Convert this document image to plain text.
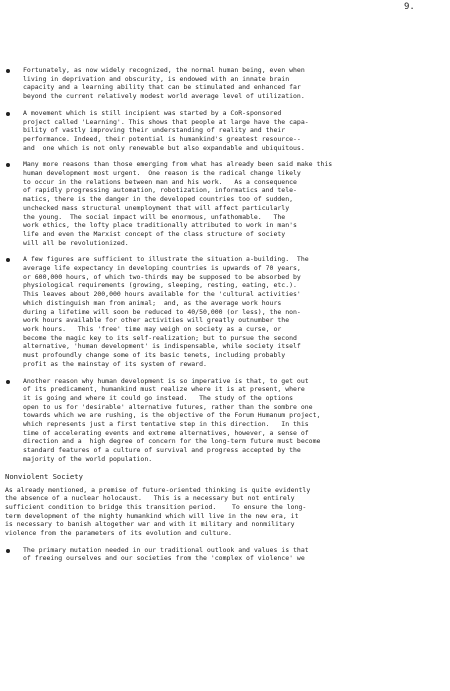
9.
Fortunately, as now widely recognized, the normal human being, even when
living in deprivation and obscurity, is endowed with an innate brain
capacity and a learning ability that can be stimulated and enhanced far
beyond the current relatively modest world average level of utilization.
A movement which is still incipient was started by a CoR-sponsored
project called 'Learning'. This shows that people at large have the capa-
bility of vastly improving their understanding of reality and their
performance. Indeed, their potential is humankind's greatest resource--
and  one which is not only renewable but also expandable and ubiquitous.
Many more reasons than those emerging from what has already been said make this
human development most urgent.  One reason is the radical change likely
to occur in the relations between man and his work.   As a consequence
of rapidly progressing automation, robotization, informatics and tele-
matics, there is the danger in the developed countries too of sudden,
unchecked mass structural unemployment that will affect particularly
the young.  The social impact will be enormous, unfathomable.   The
work ethics, the lofty place traditionally attributed to work in man's
life and even the Marxist concept of the class structure of society
will all be revolutionized.
A few figures are sufficient to illustrate the situation a-building.  The
average life expectancy in developing countries is upwards of 70 years,
or 600,000 hours, of which two-thirds may be supposed to be absorbed by
physiological requirements (growing, sleeping, resting, eating, etc.).
This leaves about 200,000 hours available for the 'cultural activities'
which distinguish man from animal;  and, as the average work hours
during a lifetime will soon be reduced to 40/50,000 (or less), the non-
work hours available for other activities will greatly outnumber the
work hours.   This 'free' time may weigh on society as a curse, or
become the magic key to its self-realization; but to pursue the second
alternative, 'human development' is indispensable, while society itself
must profoundly change some of its basic tenets, including probably
profit as the mainstay of its system of reward.
Another reason why human development is so imperative is that, to get out
of its predicament, humankind must realize where it is at present, where
it is going and where it could go instead.   The study of the options
open to us for 'desirable' alternative futures, rather than the sombre one
towards which we are rushing, is the objective of the Forum Humanum project,
which represents just a first tentative step in this direction.   In this
time of accelerating events and extreme alternatives, however, a sense of
direction and a  high degree of concern for the long-term future must become
standard features of a culture of survival and progress accepted by the
majority of the world population.
Nonviolent Society
As already mentioned, a premise of future-oriented thinking is quite evidently
the absence of a nuclear holocaust.   This is a necessary but not entirely
sufficient condition to bridge this transition period.    To ensure the long-
term development of the mighty humankind which will live in the new era, it
is necessary to banish altogether war and with it military and nonmilitary
violence from the parameters of its evolution and culture.
The primary mutation needed in our traditional outlook and values is that
of freeing ourselves and our societies from the 'complex of violence' we
